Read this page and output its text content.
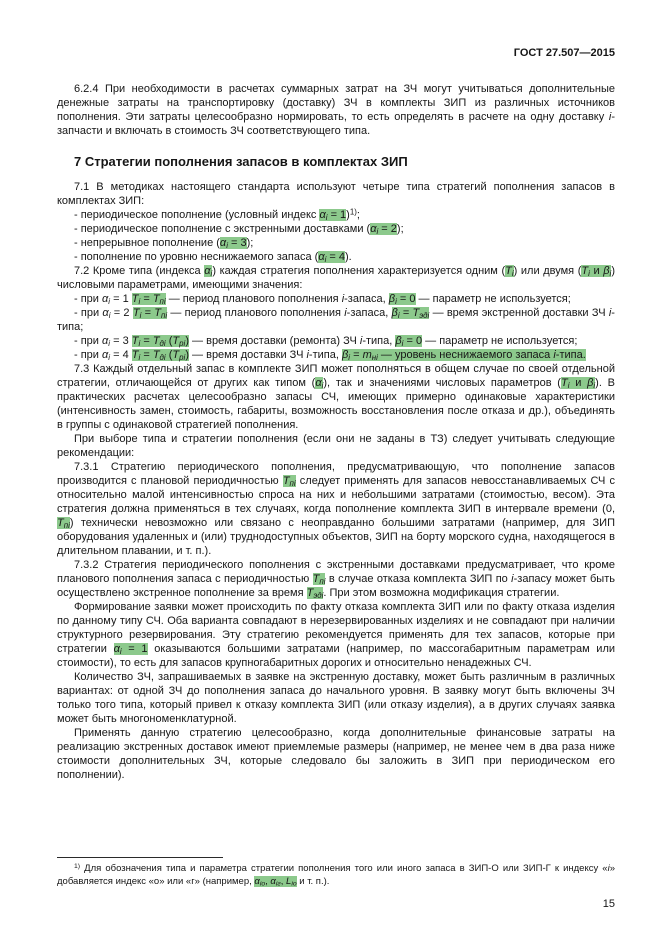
ГОСТ 27.507—2015

6.2.4 При необходимости в расчетах суммарных затрат на ЗЧ могут учитываться дополнительные денежные затраты на транспортировку (доставку) ЗЧ в комплекты ЗИП из различных источников пополнения. Эти затраты целесообразно нормировать, то есть определять в расчете на одну доставку i-запчасти и включать в стоимость ЗЧ соответствующего типа.

7 Стратегии пополнения запасов в комплектах ЗИП

7.1 В методиках настоящего стандарта используют четыре типа стратегий пополнения запасов в комплектах ЗИП:

- периодическое пополнение (условный индекс $\alpha_i = 1)^{1)}$;

- периодическое пополнение с экстренными доставками $(\alpha_i = 2)$;

- непрерывное пополнение $(\alpha_i = 3)$;

- пополнение по уровню неснижаемого запаса $(\alpha_i = 4)$.

7.2 Кроме типа (индекса $\alpha_i$) каждая стратегия пополнения характеризуется одним $(T_i)$ или двумя ($T_i$ и $\beta_i$) числовыми параметрами, имеющими значения:

- при $\alpha_i = 1$ $T_i = T_{пi}$ — период планового пополнения i-запаса, $\beta_i = 0$ — параметр не используется;

- при $\alpha_i = 2$ $T_i = T_{пi}$ — период планового пополнения i-запаса, $\beta_i = T_{эдi}$ — время экстренной доставки ЗЧ i-типа;

- при $\alpha_i = 3$ $T_i = T_{дi}$ $(T_{рi})$ — время доставки (ремонта) ЗЧ i-типа, $\beta_i = 0$ — параметр не используется;

- при $\alpha_i = 4$ $T_i = T_{дi}$ $(T_{рi})$ — время доставки ЗЧ i-типа, $\beta_i = m_{нi}$ — уровень неснижаемого запаса i-типа.

7.3 Каждый отдельный запас в комплекте ЗИП может пополняться в общем случае по своей отдельной стратегии, отличающейся от других как типом $(\alpha_i)$, так и значениями числовых параметров ($T_i$ и $\beta_i$). В практических расчетах целесообразно запасы СЧ, имеющих примерно одинаковые характеристики (интенсивность замен, стоимость, габариты, возможность восстановления после отказа и др.), объединять в группы с одинаковой стратегией пополнения.

При выборе типа и стратегии пополнения (если они не заданы в ТЗ) следует учитывать следующие рекомендации:

7.3.1 Стратегию периодического пополнения, предусматривающую, что пополнение запасов производится с плановой периодичностью $T_{пi}$ следует применять для запасов невосстанавливаемых СЧ с относительно малой интенсивностью спроса на них и небольшими затратами (стоимостью, весом). Эта стратегия должна применяться в тех случаях, когда пополнение комплекта ЗИП в интервале времени (0, $T_{пi}$) технически невозможно или связано с неоправданно большими затратами (например, для ЗИП оборудования удаленных и (или) труднодоступных объектов, ЗИП на борту морского судна, находящегося в длительном плавании, и т. п.).

7.3.2 Стратегия периодического пополнения с экстренными доставками предусматривает, что кроме планового пополнения запаса с периодичностью $T_{пi}$ в случае отказа комплекта ЗИП по i-запасу может быть осуществлено экстренное пополнение за время $T_{эдi}$. При этом возможна модификация стратегии.

Формирование заявки может происходить по факту отказа комплекта ЗИП или по факту отказа изделия по данному типу СЧ. Оба варианта совпадают в нерезервированных изделиях и не совпадают при наличии структурного резервирования. Эту стратегию рекомендуется применять для тех запасов, которые при стратегии $\alpha_i = 1$ оказываются большими затратами (например, по массогабаритным параметрам или стоимости), то есть для запасов крупногабаритных дорогих и относительно ненадежных СЧ.

Количество ЗЧ, запрашиваемых в заявке на экстренную доставку, может быть различным в различных вариантах: от одной ЗЧ до пополнения запаса до начального уровня. В заявку могут быть включены ЗЧ только того типа, который привел к отказу комплекта ЗИП (или отказу изделия), а в других случаях заявка может быть многономенклатурной.

Применять данную стратегию целесообразно, когда дополнительные финансовые затраты на реализацию экстренных доставок имеют приемлемые размеры (например, не менее чем в два раза ниже стоимости дополнительных ЗЧ, которые следовало бы заложить в ЗИП при периодическом его пополнении).

$^{1)}$ Для обозначения типа и параметра стратегии пополнения того или иного запаса в ЗИП-О или ЗИП-Г к индексу «i» добавляется индекс «о» или «г» (например, $\alpha_{iо}$, $\alpha_{iг}$, $L_{iо}$ и т. п.).

15
